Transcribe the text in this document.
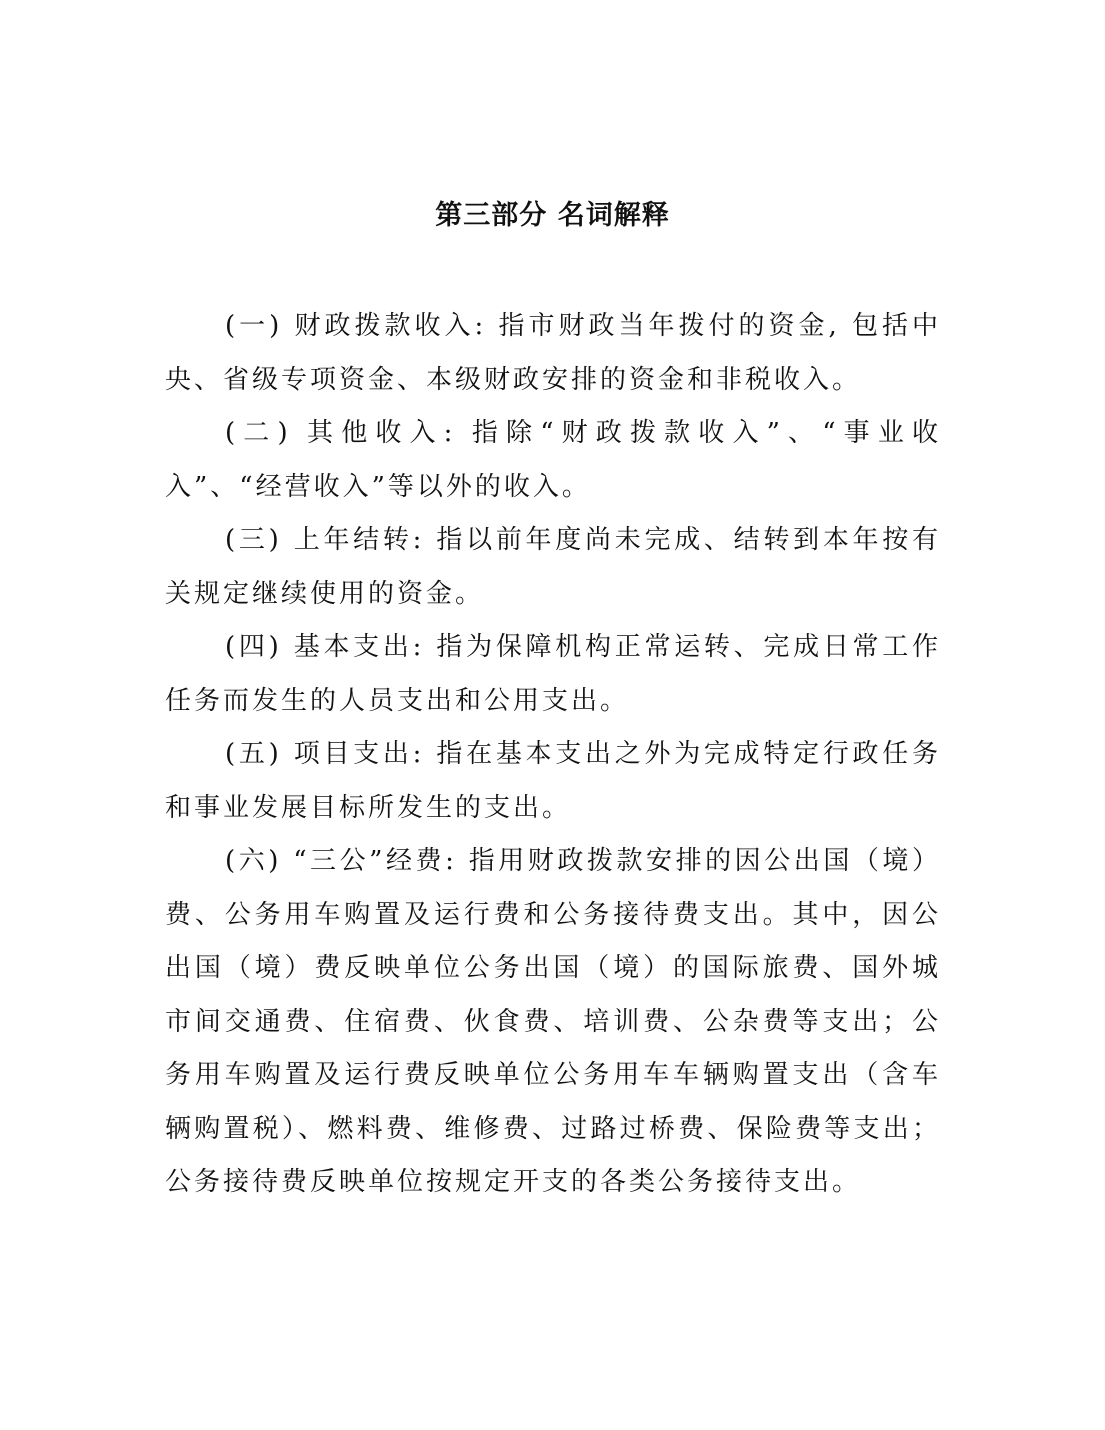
第三部分 名词解释

(一) 财政拨款收入: 指市财政当年拨付的资金, 包括中央、省级专项资金、本级财政安排的资金和非税收入。

(二) 其他收入: 指除“财政拨款收入”、“事业收入”、“经营收入”等以外的收入。

(三) 上年结转: 指以前年度尚未完成、结转到本年按有关规定继续使用的资金。

(四) 基本支出: 指为保障机构正常运转、完成日常工作任务而发生的人员支出和公用支出。

(五) 项目支出: 指在基本支出之外为完成特定行政任务和事业发展目标所发生的支出。

(六) “三公”经费: 指用财政拨款安排的因公出国（境）费、公务用车购置及运行费和公务接待费支出。其中，因公出国（境）费反映单位公务出国（境）的国际旅费、国外城市间交通费、住宿费、伙食费、培训费、公杂费等支出；公务用车购置及运行费反映单位公务用车车辆购置支出（含车辆购置税）、燃料费、维修费、过路过桥费、保险费等支出；公务接待费反映单位按规定开支的各类公务接待支出。
